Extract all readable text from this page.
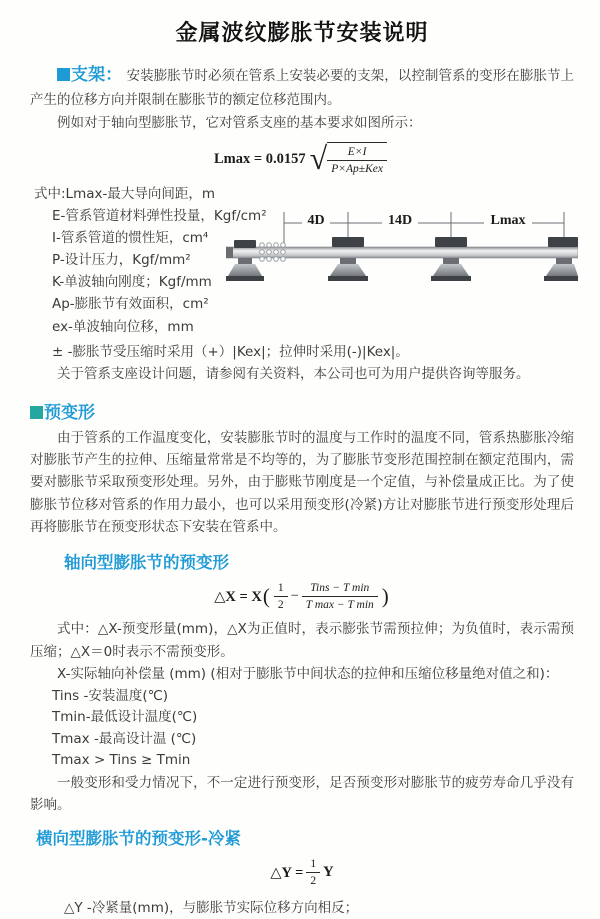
金属波纹膨胀节安装说明

支架： 安装膨胀节时必须在管系上安装必要的支架，以控制管系的变形在膨胀节上产生的位移方向并限制在膨胀节的额定位移范围内。

例如对于轴向型膨胀节，它对管系支座的基本要求如图所示：

Lmax = 0.0157 √ $\frac{E\times I}{\text{P×Ap±Kex}}$

式中:Lmax-最大导向间距，m

E-管系管道材料弹性投量，Kgf/cm²

I-管系管道的惯性矩，cm⁴

P-设计压力，Kgf/mm²

K-单波轴向刚度；Kgf/mm

Ap-膨胀节有效面积，cm²

ex-单波轴向位移，mm

4D	14D	Lmax

± -膨胀节受压缩时采用（+）|Kex|；拉伸时采用(-)|Kex|。

关于管系支座设计问题，请参阅有关资料，本公司也可为用户提供咨询等服务。

预变形

由于管系的工作温度变化，安装膨胀节时的温度与工作时的温度不同，管系热膨胀冷缩对膨胀节产生的拉伸、压缩量常常是不均等的，为了膨胀节变形范围控制在额定范围内，需要对膨胀节采取预变形处理。另外，由于膨账节刚度是一个定值，与补偿量成正比。为了使膨胀节位移对管系的作用力最小，也可以采用预变形(冷紧)方让对膨胀节进行预变形处理后再将膨胀节在预变形状态下安装在管系中。

轴向型膨胀节的预变形
△X = X ( $\frac{1}{2} - \frac{\text{Tins − T min}}{\text{T max − T min}}$ )

式中：△X-预变形量(mm)，△X为正值时，表示膨张节需预拉伸；为负值时，表示需预压缩；△X＝0时表示不需预变形。

X-实际轴向补偿量 (mm) (相对于膨胀节中间状态的拉伸和压缩位移量绝对值之和)：

Tins -安装温度(℃)

Tmin-最低设计温度(℃)

Tmax -最高设计温 (℃)

Tmax > Tins ≥ Tmin

一般变形和受力情况下，不一定进行预变形，足否预变形对膨胀节的疲劳寿命几乎没有影响。

横向型膨胀节的预变形-冷紧
△Y = $\frac{1}{2}$ Y

△Y -冷紧量(mm)，与膨胀节实际位移方向相反；
